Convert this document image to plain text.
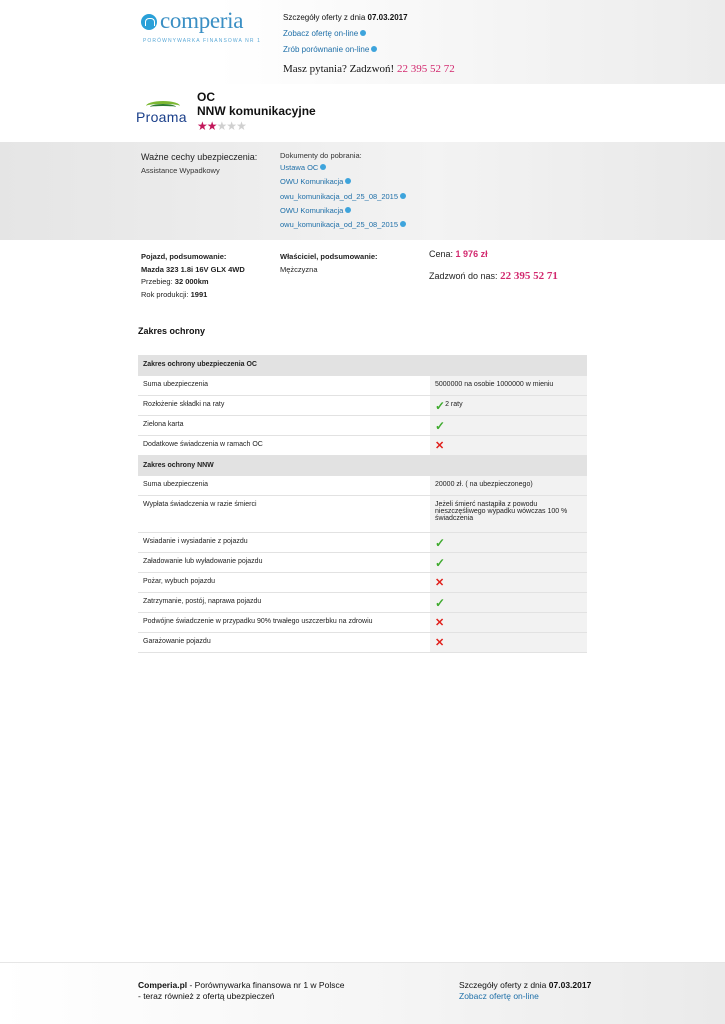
comperia
PORÓWNYWARKA FINANSOWA NR 1
Szczegóły oferty z dnia 07.03.2017
Zobacz ofertę on-line
Zrób porównanie on-line
Masz pytania? Zadzwoń! 22 395 52 72
Proama
OC
NNW komunikacyjne
★★★★★
Ważne cechy ubezpieczenia:
Assistance Wypadkowy
Dokumenty do pobrania:
Ustawa OC
OWU Komunikacja
owu_komunikacja_od_25_08_2015
OWU Komunikacja
owu_komunikacja_od_25_08_2015
Pojazd, podsumowanie:
Mazda 323 1.8i 16V GLX 4WD
Przebieg: 32 000km
Rok produkcji: 1991
Właściciel, podsumowanie:
Mężczyzna
Cena: 1 976 zł
Zadzwoń do nas: 22 395 52 71
Zakres ochrony
Zakres ochrony ubezpieczenia OC	
Suma ubezpieczenia	5000000 na osobie 1000000 w mieniu
Rozłożenie składki na raty	✓2 raty
Zielona karta	✓
Dodatkowe świadczenia w ramach OC	✕
Zakres ochrony NNW	
Suma ubezpieczenia	20000 zł. ( na ubezpieczonego)
Wypłata świadczenia w razie śmierci	Jeżeli śmierć nastąpiła z powodu nieszczęśliwego wypadku wówczas 100 % świadczenia
Wsiadanie i wysiadanie z pojazdu	✓
Załadowanie lub wyładowanie pojazdu	✓
Pożar, wybuch pojazdu	✕
Zatrzymanie, postój, naprawa pojazdu	✓
Podwójne świadczenie w przypadku 90% trwałego uszczerbku na zdrowiu	✕
Garażowanie pojazdu	✕
Comperia.pl - Porównywarka finansowa nr 1 w Polsce
- teraz również z ofertą ubezpieczeń
Szczegóły oferty z dnia 07.03.2017
Zobacz ofertę on-line
